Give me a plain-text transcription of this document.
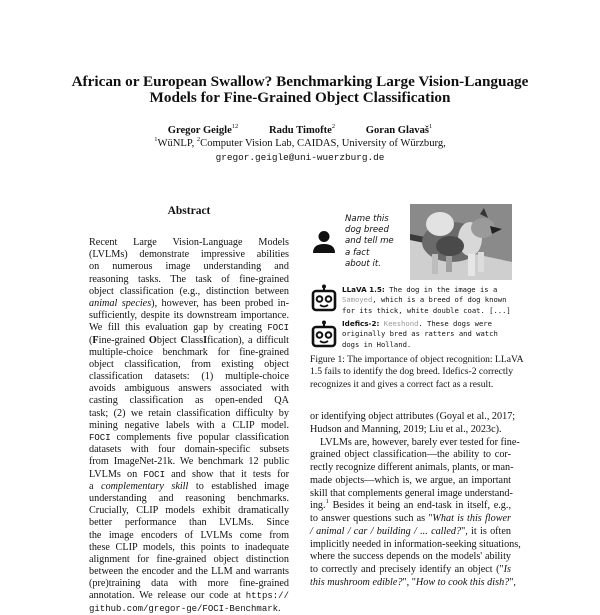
African or European Swallow? Benchmarking Large Vision-Language
Models for Fine-Grained Object Classification
Gregor Geigle$^{12}$	Radu Timofte$^2$	Goran Glavaš$^1$
$^1$WüNLP, $^2$Computer Vision Lab, CAIDAS, University of Würzburg,
gregor.geigle@uni-wuerzburg.de
Abstract
Recent Large Vision-Language Models
(LVLMs) demonstrate impressive abilities
on numerous image understanding and
reasoning tasks. The task of fine-grained
object classification (e.g., distinction between
animal species), however, has been probed in-
sufficiently, despite its downstream importance.
We fill this evaluation gap by creating FOCI
(Fine-grained Object ClassIfication), a difficult
multiple-choice benchmark for fine-grained
object classification, from existing object
classification datasets: (1) multiple-choice
avoids ambiguous answers associated with
casting classification as open-ended QA
task; (2) we retain classification difficulty by
mining negative labels with a CLIP model.
FOCI complements five popular classification
datasets with four domain-specific subsets
from ImageNet-21k. We benchmark 12 public
LVLMs on FOCI and show that it tests for
a complementary skill to established image
understanding and reasoning benchmarks.
Crucially, CLIP models exhibit dramatically
better performance than LVLMs. Since
the image encoders of LVLMs come from
these CLIP models, this points to inadequate
alignment for fine-grained object distinction
between the encoder and the LLM and warrants
(pre)training data with more fine-grained
annotation. We release our code at https://
github.com/gregor-ge/FOCI-Benchmark.
Name this
dog breed
and tell me
a fact
about it.
LLaVA 1.5: The dog in the image is a
Samoyed, which is a breed of dog known
for its thick, white double coat. [...]
Idefics-2: Keeshond. These dogs were
originally bred as ratters and watch
dogs in Holland.
Figure 1: The importance of object recognition: LLaVA
1.5 fails to identify the dog breed. Idefics-2 correctly
recognizes it and gives a correct fact as a result.
or identifying object attributes (Goyal et al., 2017;
Hudson and Manning, 2019; Liu et al., 2023c).
LVLMs are, however, barely ever tested for fine-
grained object classification—the ability to cor-
rectly recognize different animals, plants, or man-
made objects—which is, we argue, an important
skill that complements general image understand-
ing.$^1$ Besides it being an end-task in itself, e.g.,
to answer questions such as "What is this flower
/ animal / car / building / ... called?", it is often
implicitly needed in information-seeking situations,
where the success depends on the models' ability
to correctly and precisely identify an object ("Is
this mushroom edible?", "How to cook this dish?",
